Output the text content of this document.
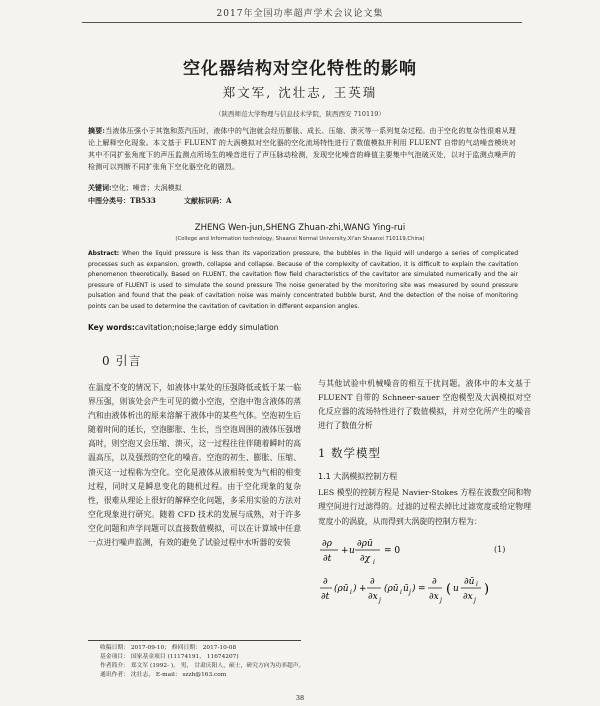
2017年全国功率超声学术会议论文集
空化器结构对空化特性的影响
郑文军, 沈壮志, 王英瑞
（陕西师范大学物理与信息技术学院，陕西西安 710119）
摘要:当液体压强小于其饱和蒸汽压时，液体中的气泡就会经历膨胀、成长、压缩、溃灭等一系列复杂过程。由于空化的复杂性很难从理论上解释空化现象。本文基于 FLUENT 的大涡模拟对空化器的空化流场特性进行了数值模拟并利用 FLUENT 自带的气动噪音模块对其中不同扩张角度下的声压监测点所场生的噪音进行了声压脉动检测，发现空化噪音的峰值主要集中气泡破灭处，以对于监测点噪声的检测可以判断不同扩张角下空化器空化的剧烈。
关键词:空化；噪音；大涡模拟
中图分类号：TB533	文献标识码：A
ZHENG Wen-jun,SHENG Zhuan-zhi,WANG Ying-rui
(College and Information technology, Shaanxi Normal University,Xi'an Shaanxi 710119,China)
Abstract: When the liquid pressure is less than its vaporization pressure, the bubbles in the liquid will undergo a series of complicated processes such as expansion, growth, collapse and collapse. Because of the complexity of cavitation, it is difficult to explain the cavitation phenomenon theoretically. Based on FLUENT, the cavitation flow field characteristics of the cavitator are simulated numerically and the air pressure of FLUENT is used to simulate the sound pressure The noise generated by the monitoring site was measured by sound pressure pulsation and found that the peak of cavitation noise was mainly concentrated bubble burst, And the detection of the noise of monitoring points can be used to determine the cavitation of cavitation in different expansion angles.
Key words:cavitation;noise;large eddy simulation
0 引言

在温度不变的情况下，如液体中某处的压强降低或低于某一临界压强，则该处会产生可见的微小空泡，空泡中饱含液体的蒸汽和由液体析出的原来溶解于液体中的某些气体。空泡初生后随着时间的延长，空泡膨胀、生长，当空泡周围的液体压强增高时，则空泡又会压缩、溃灭，这一过程往往伴随着瞬时的高温高压，以及强烈的空化的噪音。空泡的初生、膨胀、压缩、溃灭这一过程称为空化。空化是液体从液相转变为气相的相变过程，同时又是瞬息变化的随机过程。由于空化现象的复杂性，很难从理论上很好的解释空化问题，多采用实验的方法对空化现象进行研究。随着 CFD 技术的发展与成熟，对于许多空化问题和声学问题可以直接数值模拟，可以在计算域中任意一点进行噪声监测，有效的避免了试验过程中水听器的安装

与其他试验中机械噪音的相互干扰问题。液体中的本文基于 FLUENT 自带的 Schneer-sauer 空泡模型及大涡模拟对空化反应器的流场特性进行了数值模拟，并对空化所产生的噪音进行了数值分析

1 数学模型
1.1 大涡模拟控制方程

LES 模型的控制方程是 Navier-Stokes 方程在波数空间和物理空间进行过滤得的。过滤的过程去掉比过滤宽度或给定物理宽度小的涡旋，从而得到大涡旋的控制方程为：

∂ρ
∂t
+ u
∂ρū
∂χ i
= 0	(1)
∂
∂t
(ρū i ) +
∂
∂x j
(ρū i ū j ) =
∂
∂x j
( u
∂ū i
∂x j
)
收稿日期： 2017-09-10； 修回日期： 2017-10-08
基金项目： 国家基金项目 (11174191， 11674207)
作者简介： 郑文军 (1992- )， 男， 甘肃庆阳人，硕士，研究方向为功率超声。
通讯作者： 沈壮志， E-mail： szzh@163.com
38
